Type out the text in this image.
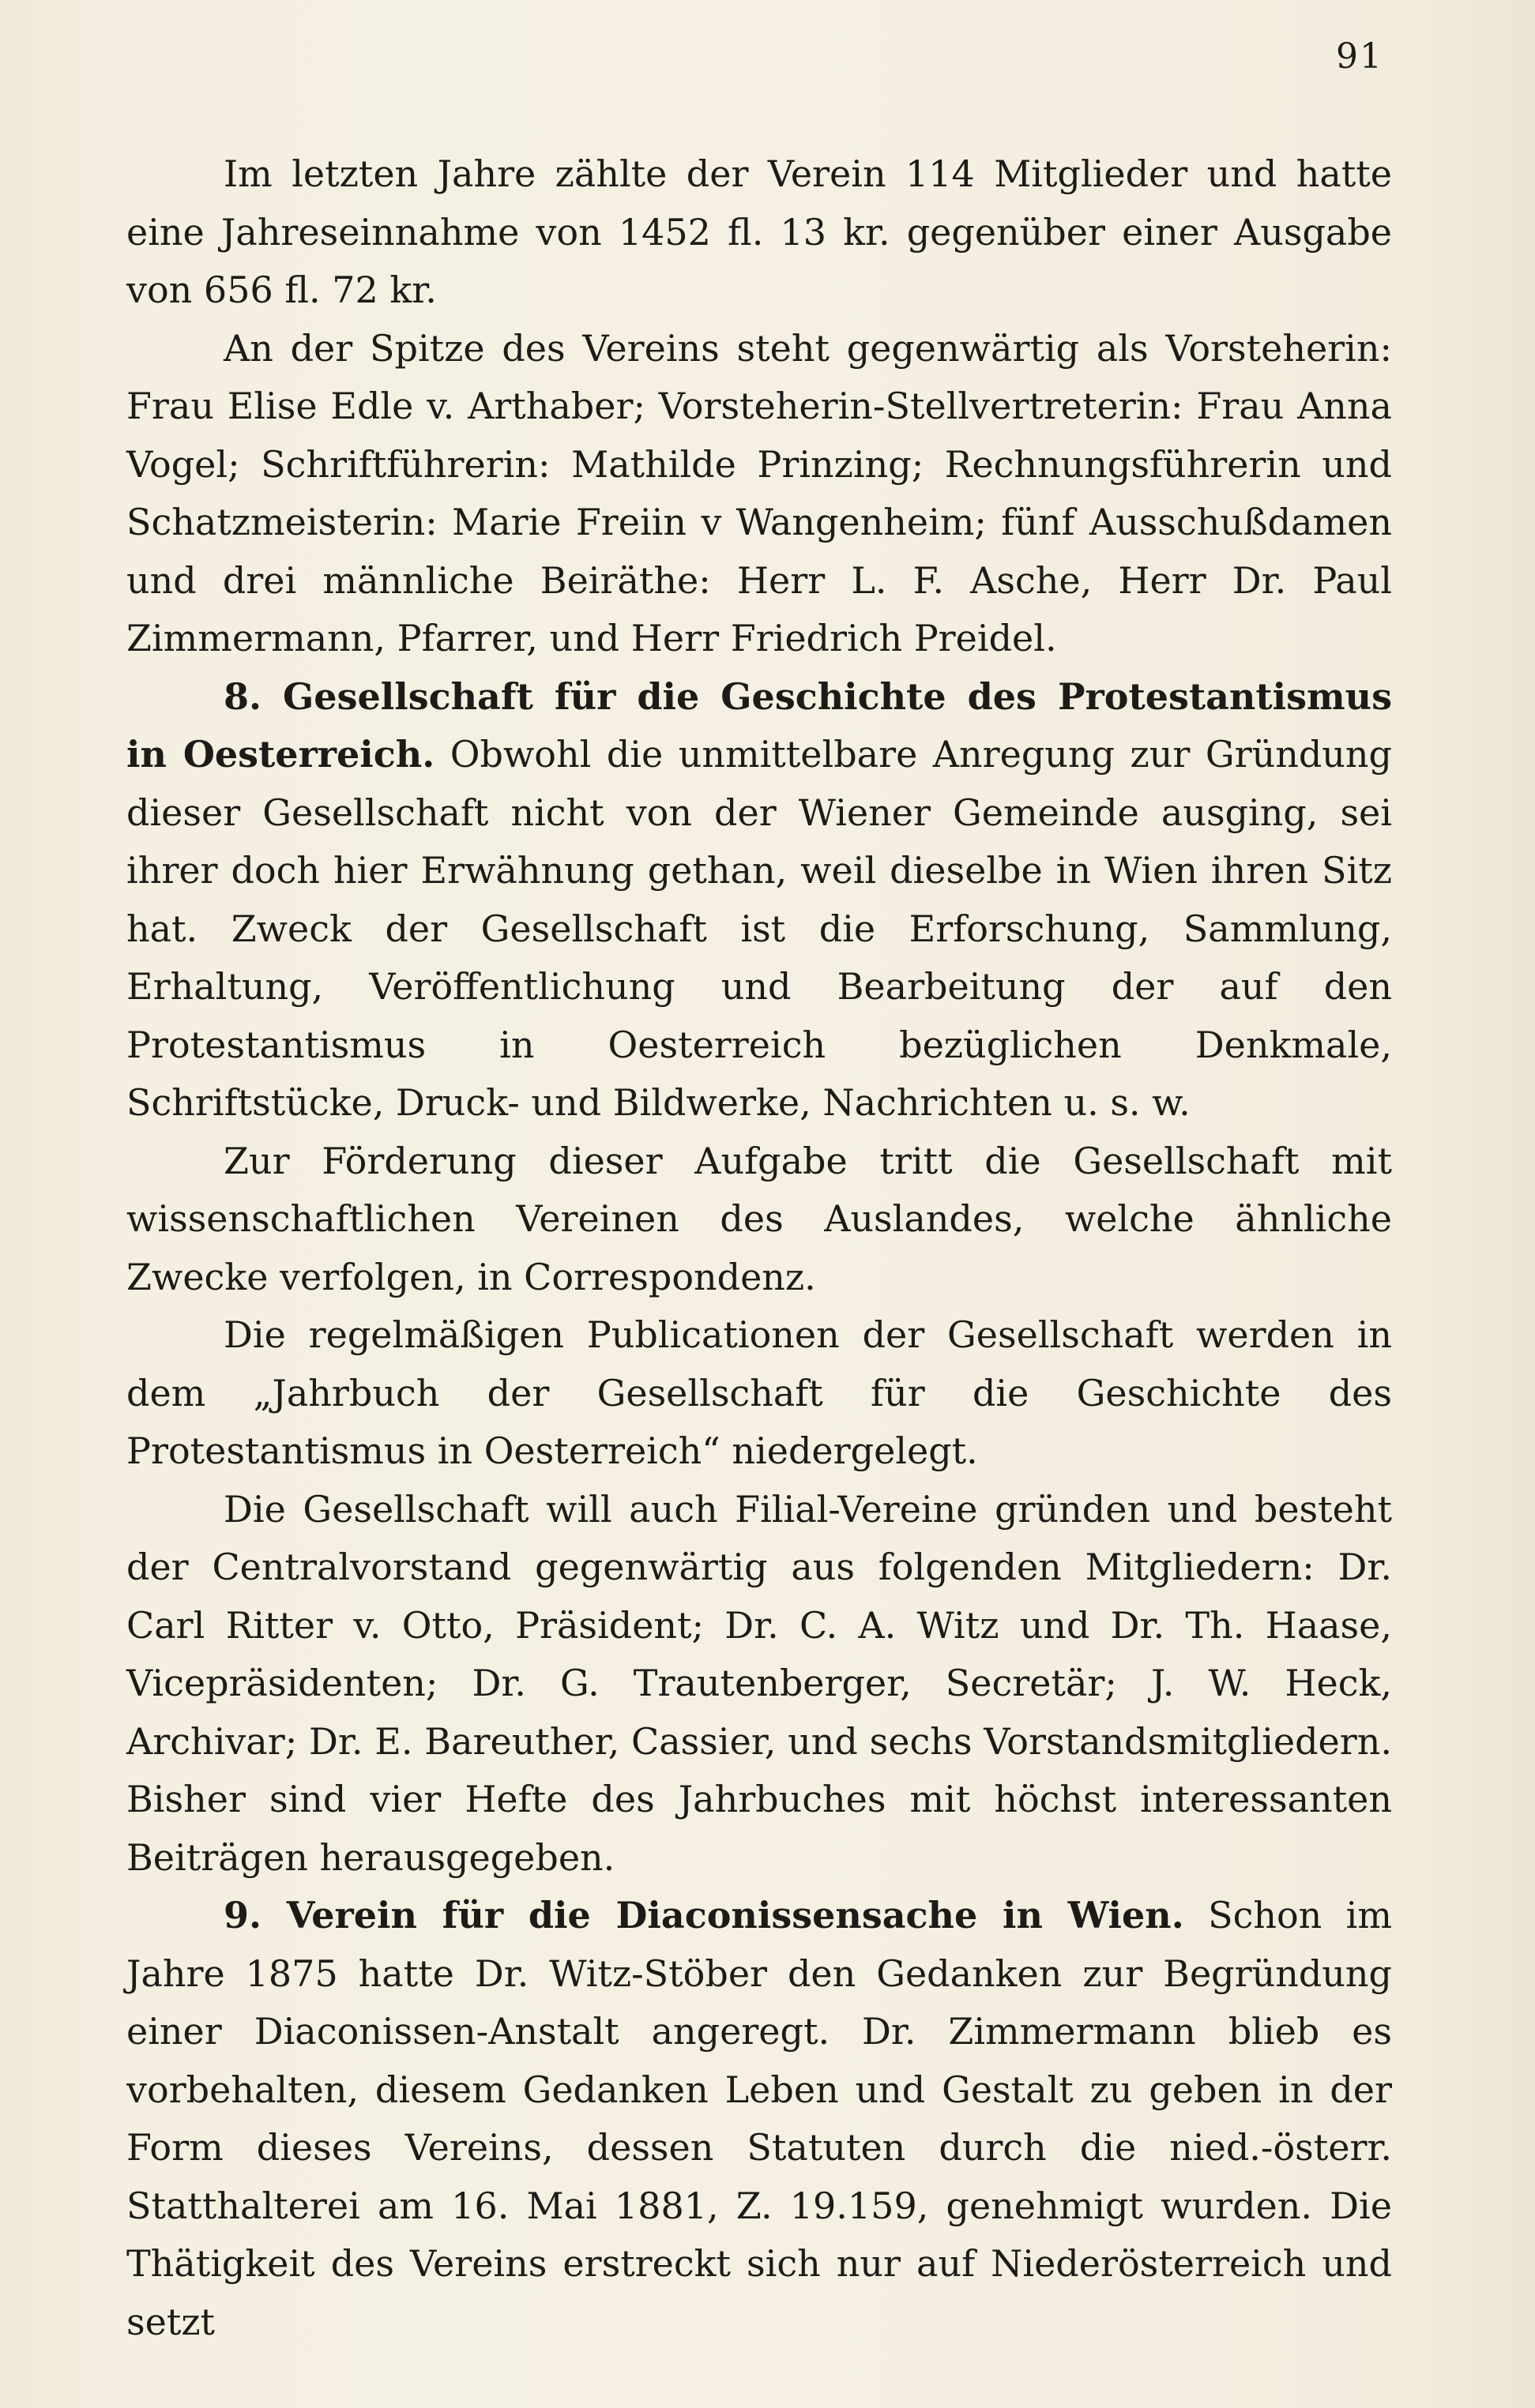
91

Im letzten Jahre zählte der Verein 114 Mitglieder und hatte eine Jahreseinnahme von 1452 fl. 13 kr. gegenüber einer Ausgabe von 656 fl. 72 kr.

An der Spitze des Vereins steht gegenwärtig als Vorsteherin: Frau Elise Edle v. Arthaber; Vorsteherin-Stellvertreterin: Frau Anna Vogel; Schriftführerin: Mathilde Prinzing; Rechnungsführerin und Schatzmeisterin: Marie Freiin v Wangenheim; fünf Ausschußdamen und drei männliche Beiräthe: Herr L. F. Asche, Herr Dr. Paul Zimmermann, Pfarrer, und Herr Friedrich Preidel.

8. Gesellschaft für die Geschichte des Protestantismus in Oesterreich. Obwohl die unmittelbare Anregung zur Gründung dieser Gesellschaft nicht von der Wiener Gemeinde ausging, sei ihrer doch hier Erwähnung gethan, weil dieselbe in Wien ihren Sitz hat. Zweck der Gesellschaft ist die Erforschung, Sammlung, Erhaltung, Veröffentlichung und Bearbeitung der auf den Protestantismus in Oesterreich bezüglichen Denkmale, Schriftstücke, Druck- und Bildwerke, Nachrichten u. s. w.

Zur Förderung dieser Aufgabe tritt die Gesellschaft mit wissenschaftlichen Vereinen des Auslandes, welche ähnliche Zwecke verfolgen, in Correspondenz.

Die regelmäßigen Publicationen der Gesellschaft werden in dem „Jahrbuch der Gesellschaft für die Geschichte des Protestantismus in Oesterreich“ niedergelegt.

Die Gesellschaft will auch Filial-Vereine gründen und besteht der Centralvorstand gegenwärtig aus folgenden Mitgliedern: Dr. Carl Ritter v. Otto, Präsident; Dr. C. A. Witz und Dr. Th. Haase, Vicepräsidenten; Dr. G. Trautenberger, Secretär; J. W. Heck, Archivar; Dr. E. Bareuther, Cassier, und sechs Vorstandsmitgliedern. Bisher sind vier Hefte des Jahrbuches mit höchst interessanten Beiträgen herausgegeben.

9. Verein für die Diaconissensache in Wien. Schon im Jahre 1875 hatte Dr. Witz-Stöber den Gedanken zur Begründung einer Diaconissen-Anstalt angeregt. Dr. Zimmermann blieb es vorbehalten, diesem Gedanken Leben und Gestalt zu geben in der Form dieses Vereins, dessen Statuten durch die nied.-österr. Statthalterei am 16. Mai 1881, Z. 19.159, genehmigt wurden. Die Thätigkeit des Vereins erstreckt sich nur auf Niederösterreich und setzt
